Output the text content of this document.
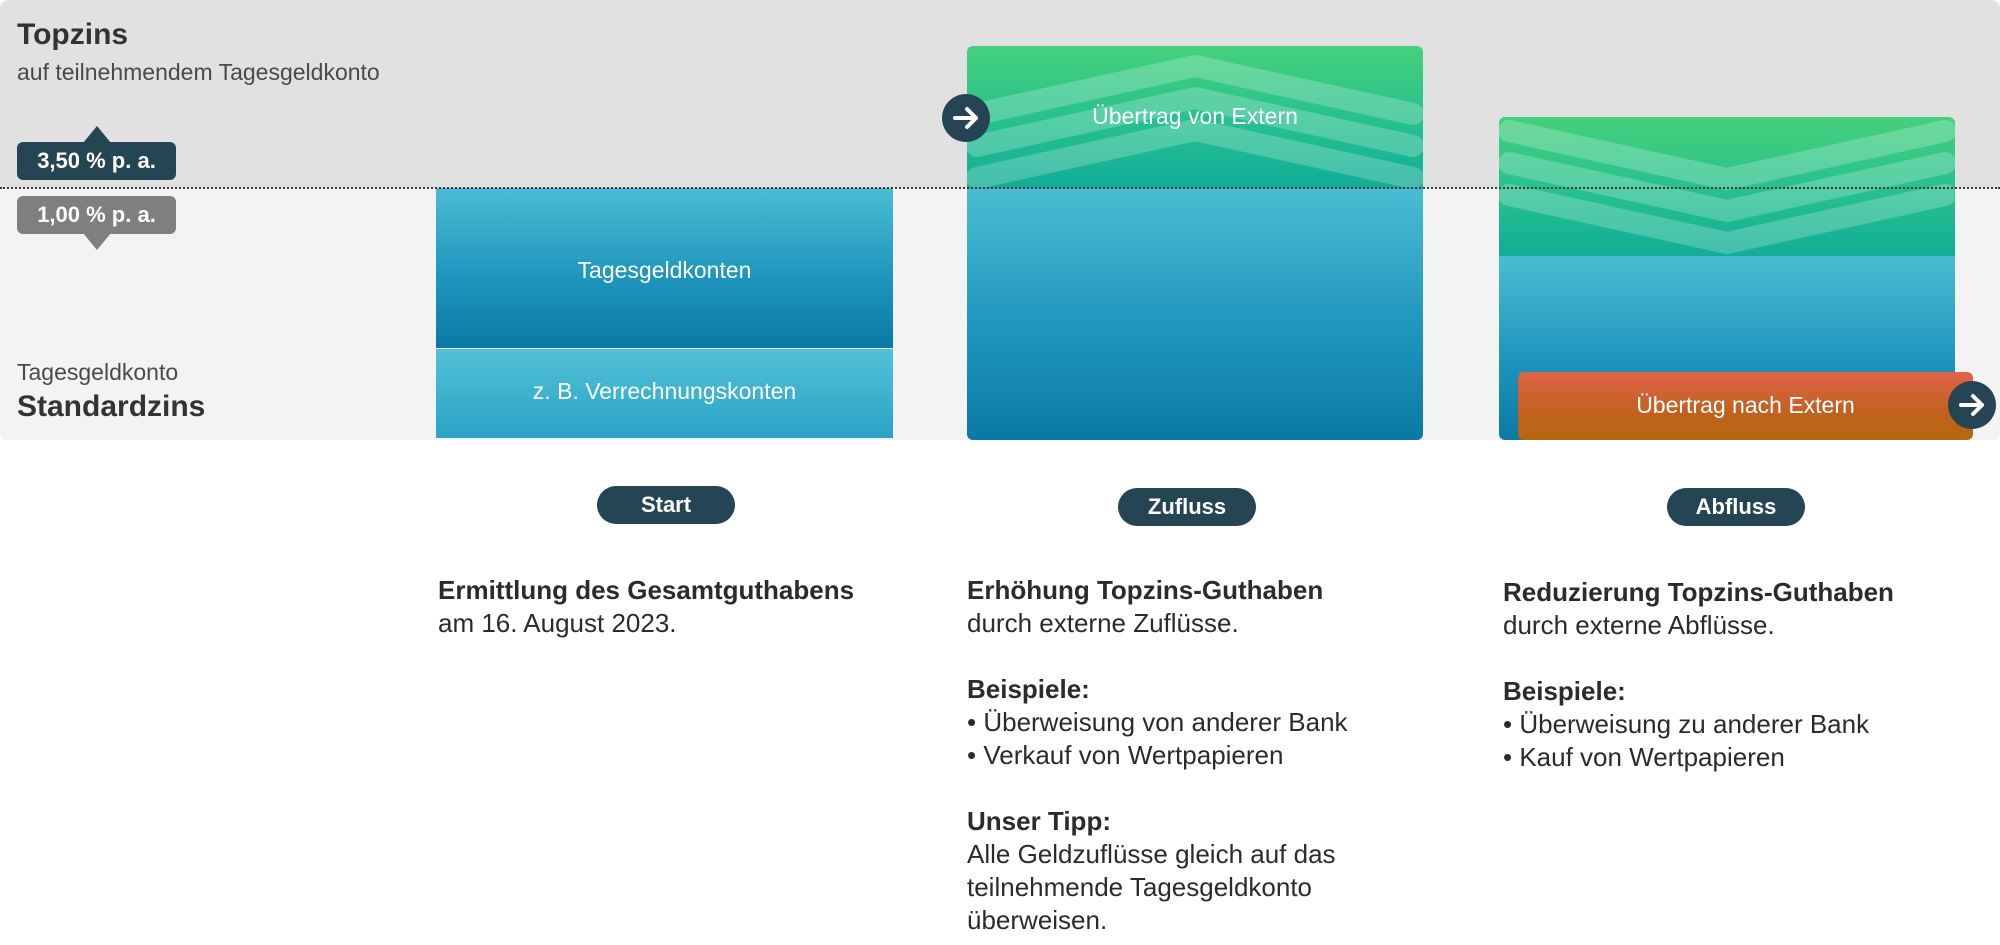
Topzins
auf teilnehmendem Tagesgeldkonto
Tagesgeldkonto
Standardzins
Tagesgeldkonten
z. B. Verrechnungskonten
Übertrag von Extern
Übertrag nach Extern
3,50 % p. a.
1,00 % p. a.
Start	Zufluss	Abfluss
Ermittlung des Gesamtguthabens
am 16. August 2023.
Erhöhung Topzins-Guthaben
durch externe Zuflüsse.
Beispiele:
• Überweisung von anderer Bank
• Verkauf von Wertpapieren
Unser Tipp:
Alle Geldzuflüsse gleich auf das
teilnehmende Tagesgeldkonto
überweisen.
Reduzierung Topzins-Guthaben
durch externe Abflüsse.
Beispiele:
• Überweisung zu anderer Bank
• Kauf von Wertpapieren
